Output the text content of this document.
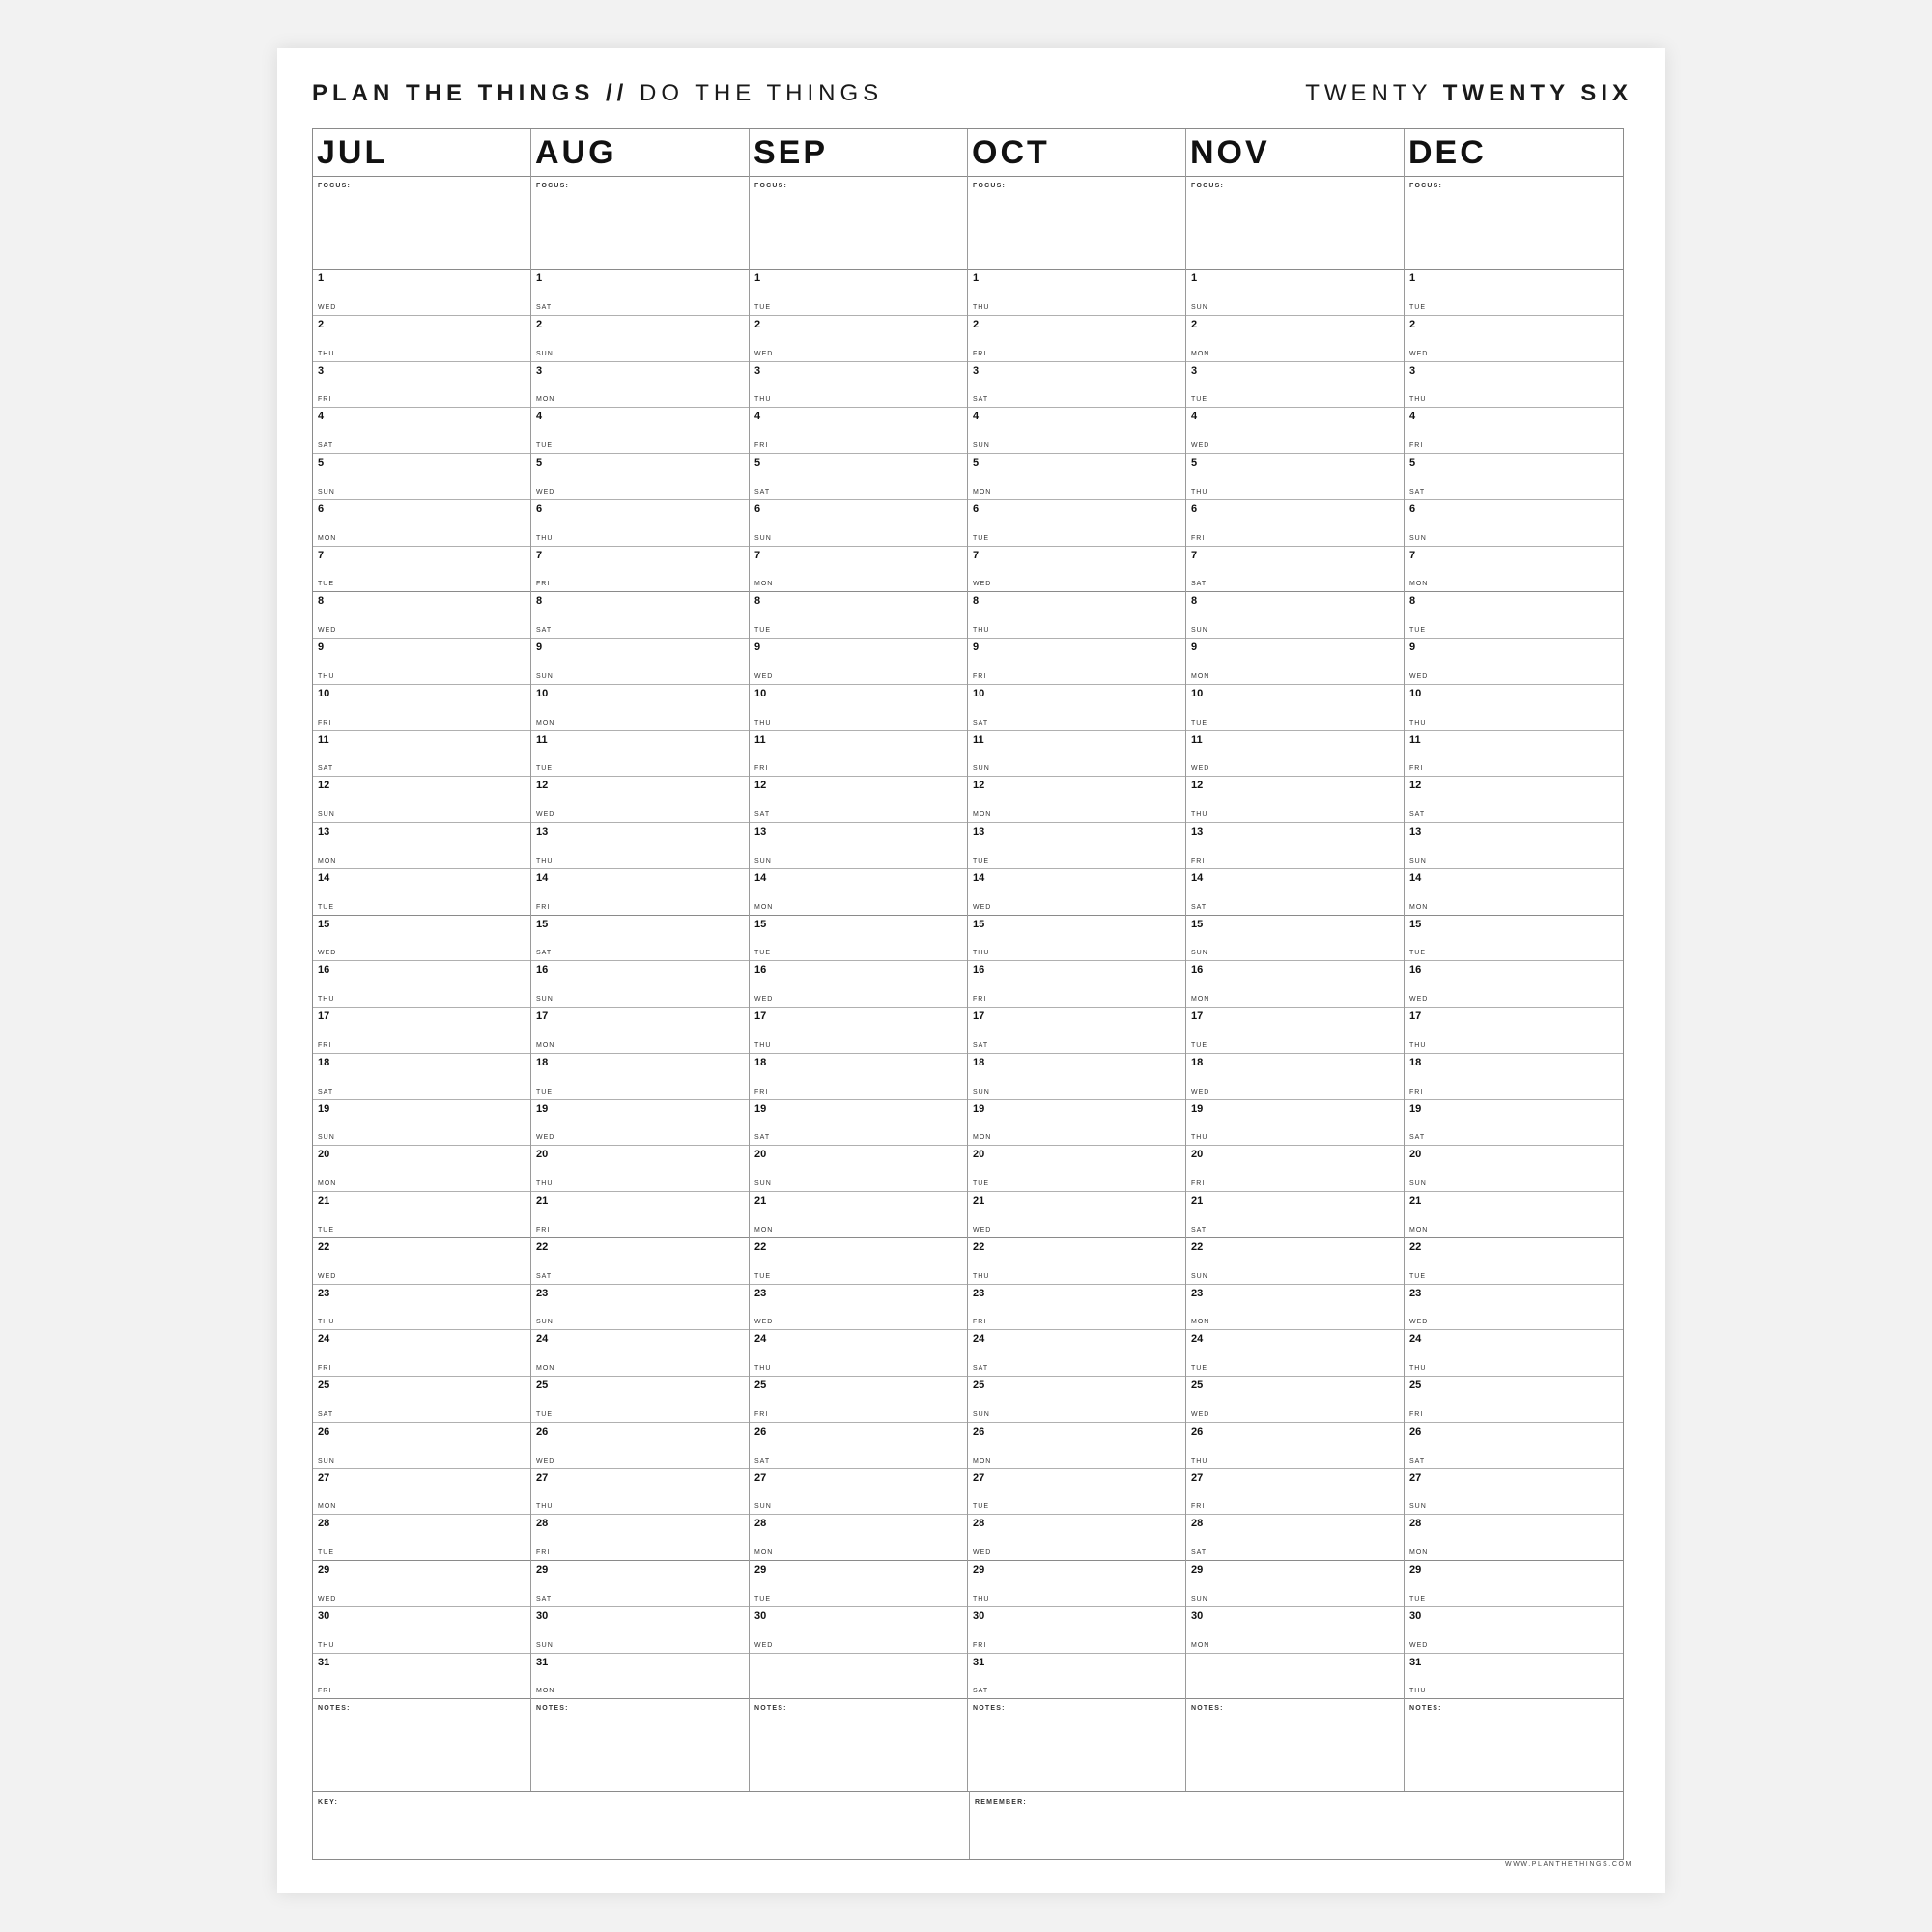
PLAN THE THINGS // DO THE THINGS	TWENTY TWENTY SIX
KEY:	REMEMBER:
JUL
FOCUS:
1
WED
2
THU
3
FRI
4
SAT
5
SUN
6
MON
7
TUE
8
WED
9
THU
10
FRI
11
SAT
12
SUN
13
MON
14
TUE
15
WED
16
THU
17
FRI
18
SAT
19
SUN
20
MON
21
TUE
22
WED
23
THU
24
FRI
25
SAT
26
SUN
27
MON
28
TUE
29
WED
30
THU
31
FRI
NOTES:
AUG
FOCUS:
1
SAT
2
SUN
3
MON
4
TUE
5
WED
6
THU
7
FRI
8
SAT
9
SUN
10
MON
11
TUE
12
WED
13
THU
14
FRI
15
SAT
16
SUN
17
MON
18
TUE
19
WED
20
THU
21
FRI
22
SAT
23
SUN
24
MON
25
TUE
26
WED
27
THU
28
FRI
29
SAT
30
SUN
31
MON
NOTES:
SEP
FOCUS:
1
TUE
2
WED
3
THU
4
FRI
5
SAT
6
SUN
7
MON
8
TUE
9
WED
10
THU
11
FRI
12
SAT
13
SUN
14
MON
15
TUE
16
WED
17
THU
18
FRI
19
SAT
20
SUN
21
MON
22
TUE
23
WED
24
THU
25
FRI
26
SAT
27
SUN
28
MON
29
TUE
30
WED
NOTES:
OCT
FOCUS:
1
THU
2
FRI
3
SAT
4
SUN
5
MON
6
TUE
7
WED
8
THU
9
FRI
10
SAT
11
SUN
12
MON
13
TUE
14
WED
15
THU
16
FRI
17
SAT
18
SUN
19
MON
20
TUE
21
WED
22
THU
23
FRI
24
SAT
25
SUN
26
MON
27
TUE
28
WED
29
THU
30
FRI
31
SAT
NOTES:
NOV
FOCUS:
1
SUN
2
MON
3
TUE
4
WED
5
THU
6
FRI
7
SAT
8
SUN
9
MON
10
TUE
11
WED
12
THU
13
FRI
14
SAT
15
SUN
16
MON
17
TUE
18
WED
19
THU
20
FRI
21
SAT
22
SUN
23
MON
24
TUE
25
WED
26
THU
27
FRI
28
SAT
29
SUN
30
MON
NOTES:
DEC
FOCUS:
1
TUE
2
WED
3
THU
4
FRI
5
SAT
6
SUN
7
MON
8
TUE
9
WED
10
THU
11
FRI
12
SAT
13
SUN
14
MON
15
TUE
16
WED
17
THU
18
FRI
19
SAT
20
SUN
21
MON
22
TUE
23
WED
24
THU
25
FRI
26
SAT
27
SUN
28
MON
29
TUE
30
WED
31
THU
NOTES:
WWW.PLANTHETHINGS.COM
